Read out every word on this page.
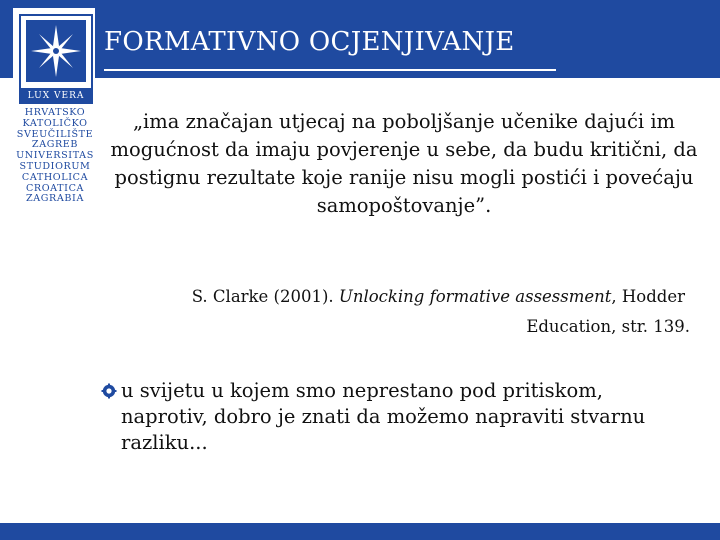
FORMATIVNO OCJENJIVANJE
LUX VERA
HRVATSKO
KATOLIČKO
SVEUČILIŠTE
ZAGREB
UNIVERSITAS
STUDIORUM
CATHOLICA
CROATICA
ZAGRABIA
„ima značajan utjecaj na poboljšanje učenike dajući im mogućnost da imaju povjerenje u sebe, da budu kritični, da postignu rezultate koje ranije nisu mogli postići i povećaju samopoštovanje”.
S. Clarke (2001). Unlocking formative assessment, Hodder
Education, str. 139.
u svijetu u kojem smo neprestano pod pritiskom, naprotiv, dobro je znati da možemo napraviti stvarnu razliku...
